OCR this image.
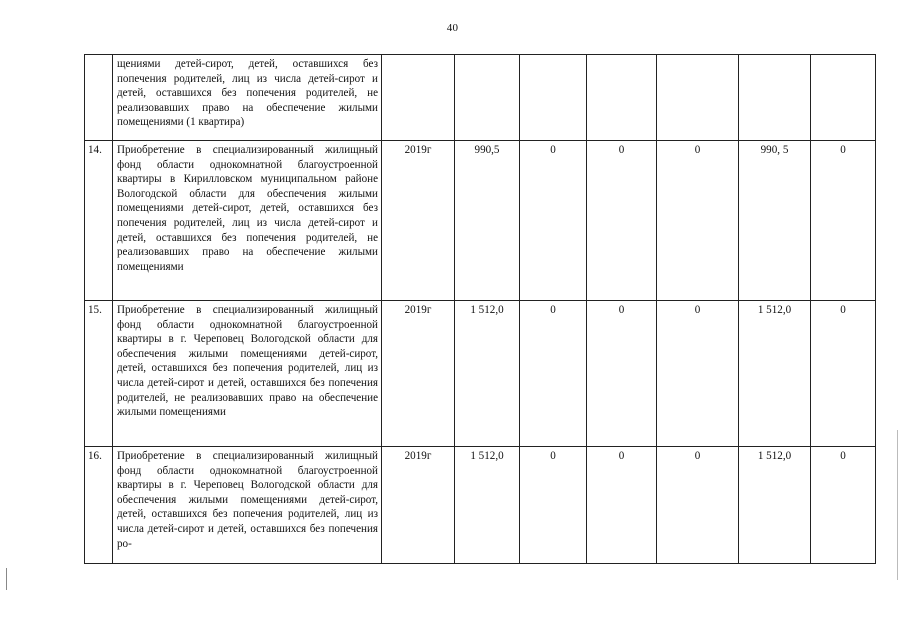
40
	щениями детей-сирот, детей, оставшихся без попечения родителей, лиц из числа детей-сирот и детей, оставшихся без попечения родителей, не реализовавших право на обеспечение жилыми помещениями (1 квартира)							
14.	Приобретение в специализированный жилищный фонд области однокомнатной благоустроенной квартиры в Кирилловском муниципальном районе Вологодской области для обеспечения жилыми помещениями детей-сирот, детей, оставшихся без попечения родителей, лиц из числа детей-сирот и детей, оставшихся без попечения родителей, не реализовавших право на обеспечение жилыми помещениями	2019г	990,5	0	0	0	990, 5	0
15.	Приобретение в специализированный жилищный фонд области однокомнатной благоустроенной квартиры в г. Череповец Вологодской области для обеспечения жилыми помещениями детей-сирот, детей, оставшихся без попечения родителей, лиц из числа детей-сирот и детей, оставшихся без попечения родителей, не реализовавших право на обеспечение жилыми помещениями	2019г	1 512,0	0	0	0	1 512,0	0
16.	Приобретение в специализированный жилищный фонд области однокомнатной благоустроенной квартиры в г. Череповец Вологодской области для обеспечения жилыми помещениями детей-сирот, детей, оставшихся без попечения родителей, лиц из числа детей-сирот и детей, оставшихся без попечения ро-	2019г	1 512,0	0	0	0	1 512,0	0
